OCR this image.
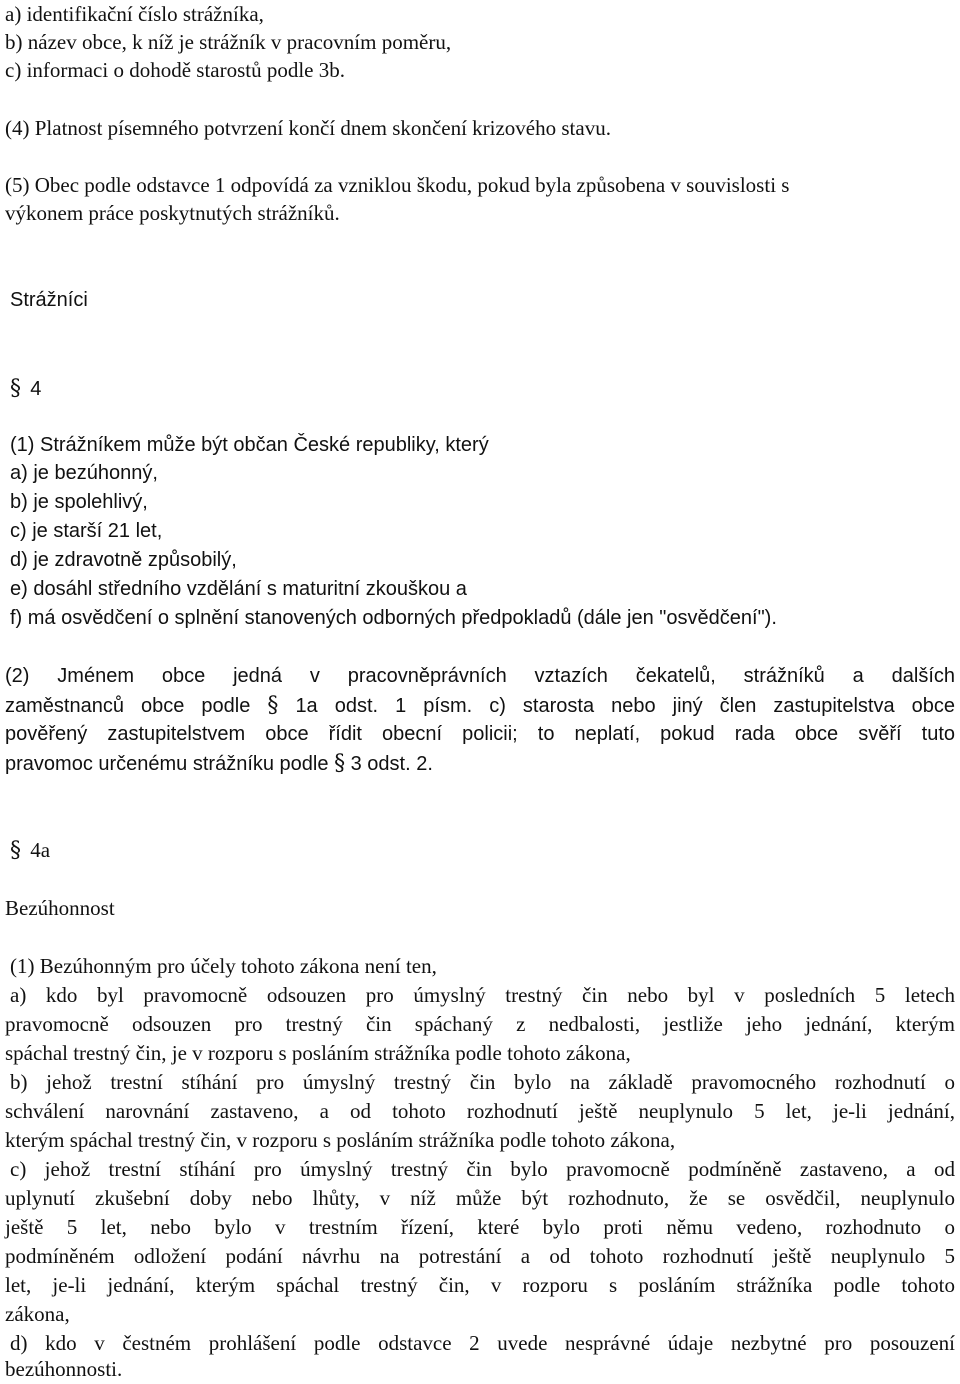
a) identifikační číslo strážníka,
b) název obce, k níž je strážník v pracovním poměru,
c) informaci o dohodě starostů podle 3b.
(4) Platnost písemného potvrzení končí dnem skončení krizového stavu.
(5) Obec podle odstavce 1 odpovídá za vzniklou škodu, pokud byla způsobena v souvislosti s
výkonem práce poskytnutých strážníků.
Strážníci
§ 4
(1) Strážníkem může být občan České republiky, který
a) je bezúhonný,
b) je spolehlivý,
c) je starší 21 let,
d) je zdravotně způsobilý,
e) dosáhl středního vzdělání s maturitní zkouškou a
f) má osvědčení o splnění stanovených odborných předpokladů (dále jen "osvědčení").
(2) Jménem obce jedná v pracovněprávních vztazích čekatelů, strážníků a dalších
zaměstnanců obce podle § 1a odst. 1 písm. c) starosta nebo jiný člen zastupitelstva obce
pověřený zastupitelstvem obce řídit obecní policii; to neplatí, pokud rada obce svěří tuto
pravomoc určenému strážníku podle § 3 odst. 2.
§ 4a
Bezúhonnost
(1) Bezúhonným pro účely tohoto zákona není ten,
a) kdo byl pravomocně odsouzen pro úmyslný trestný čin nebo byl v posledních 5 letech
pravomocně odsouzen pro trestný čin spáchaný z nedbalosti, jestliže jeho jednání, kterým
spáchal trestný čin, je v rozporu s posláním strážníka podle tohoto zákona,
b) jehož trestní stíhání pro úmyslný trestný čin bylo na základě pravomocného rozhodnutí o
schválení narovnání zastaveno, a od tohoto rozhodnutí ještě neuplynulo 5 let, je-li jednání,
kterým spáchal trestný čin, v rozporu s posláním strážníka podle tohoto zákona,
c) jehož trestní stíhání pro úmyslný trestný čin bylo pravomocně podmíněně zastaveno, a od
uplynutí zkušební doby nebo lhůty, v níž může být rozhodnuto, že se osvědčil, neuplynulo
ještě 5 let, nebo bylo v trestním řízení, které bylo proti němu vedeno, rozhodnuto o
podmíněném odložení podání návrhu na potrestání a od tohoto rozhodnutí ještě neuplynulo 5
let, je-li jednání, kterým spáchal trestný čin, v rozporu s posláním strážníka podle tohoto
zákona,
d) kdo v čestném prohlášení podle odstavce 2 uvede nesprávné údaje nezbytné pro posouzení
bezúhonnosti.
